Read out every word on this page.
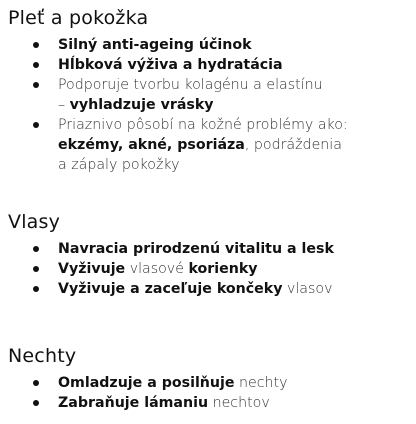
Pleť a pokožka
Silný anti-ageing účinok
Hĺbková výživa a hydratácia
Podporuje tvorbu kolagénu a elastínu
– vyhladzuje vrásky
Priaznivo pôsobí na kožné problémy ako:
ekzémy, akné, psoriáza, podráždenia
a zápaly pokožky
Vlasy
Navracia prirodzenú vitalitu a lesk
Vyživuje vlasové korienky
Vyživuje a zaceľuje končeky vlasov
Nechty
Omladzuje a posilňuje nechty
Zabraňuje lámaniu nechtov
